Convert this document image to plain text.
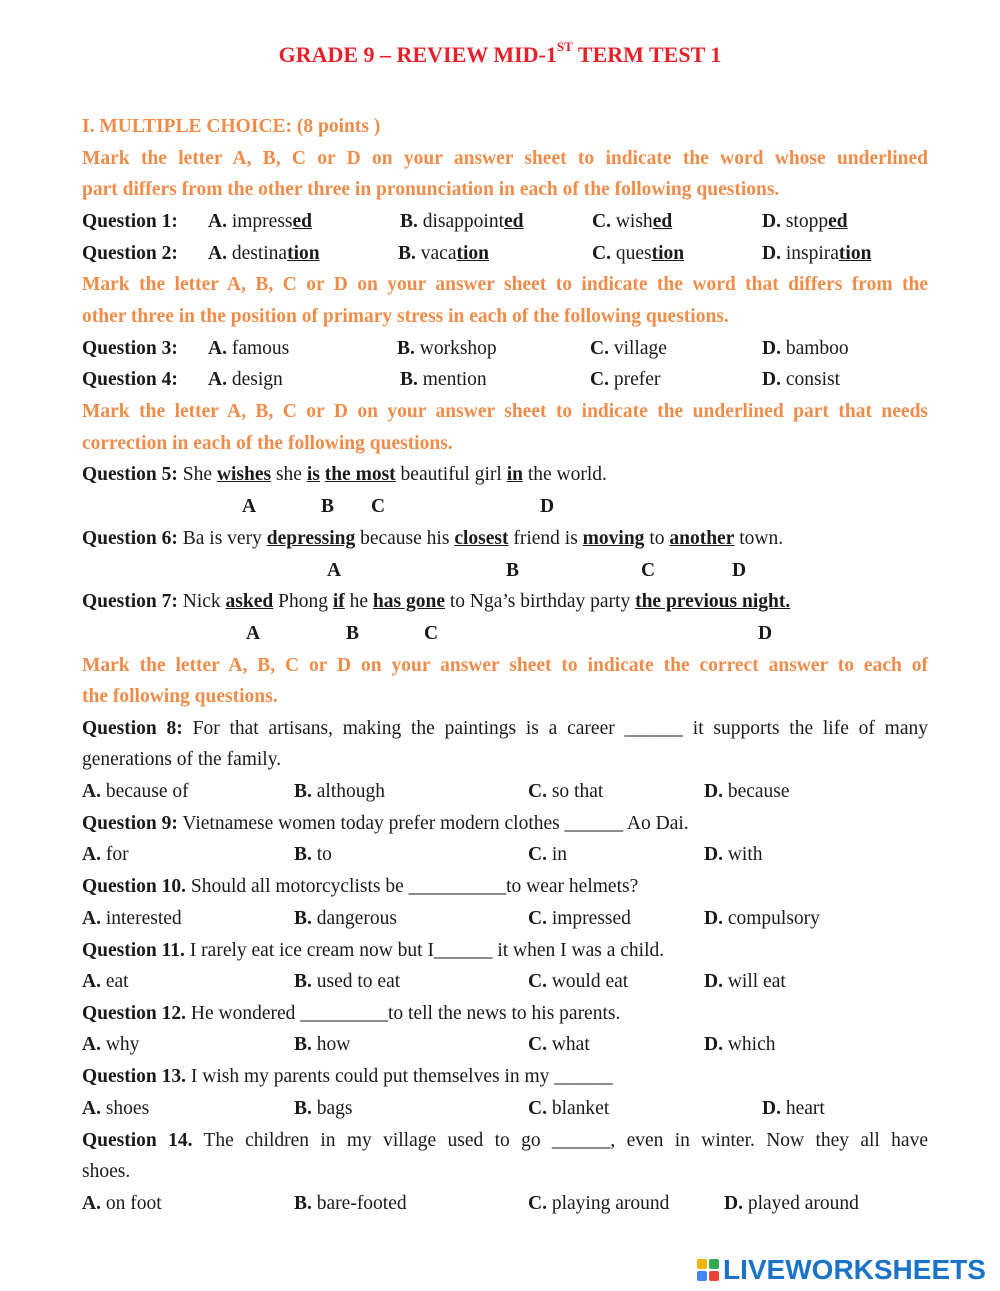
GRADE 9 – REVIEW MID-1ST TERM TEST 1
I. MULTIPLE CHOICE: (8 points )
Mark the letter A, B, C or D on your answer sheet to indicate the word whose underlined
part differs from the other three in pronunciation in each of the following questions.
Question 1: A. impressed	B. disappointed	C. wished	D. stopped
Question 2: A. destination	B. vacation	C. question	D. inspiration
Mark the letter A, B, C or D on your answer sheet to indicate the word that differs from the
other three in the position of primary stress in each of the following questions.
Question 3: A. famous	B. workshop	C. village	D. bamboo
Question 4: A. design	B. mention	C. prefer	D. consist
Mark the letter A, B, C or D on your answer sheet to indicate the underlined part that needs
correction in each of the following questions.
Question 5: She wishes she is the most beautiful girl in the world.
A	B C	D
Question 6: Ba is very depressing because his closest friend is moving to another town.
A	B	C	D
Question 7: Nick asked Phong if he has gone to Nga’s birthday party the previous night.
A	B	C	D
Mark the letter A, B, C or D on your answer sheet to indicate the correct answer to each of
the following questions.
Question 8: For that artisans, making the paintings is a career ______ it supports the life of many
generations of the family.
A. because of	B. although	C. so that	D. because
Question 9: Vietnamese women today prefer modern clothes ______ Ao Dai.
A. for	B. to	C. in	D. with
Question 10. Should all motorcyclists be __________to wear helmets?
A. interested	B. dangerous	C. impressed	D. compulsory
Question 11. I rarely eat ice cream now but I______ it when I was a child.
A. eat	B. used to eat	C. would eat	D. will eat
Question 12. He wondered _________to tell the news to his parents.
A. why	B. how	C. what	D. which
Question 13. I wish my parents could put themselves in my ______
A. shoes	B. bags	C. blanket	D. heart
Question 14. The children in my village used to go ______, even in winter. Now they all have
shoes.
A. on foot	B. bare-footed	C. playing around	D. played around
LIVEWORKSHEETS
